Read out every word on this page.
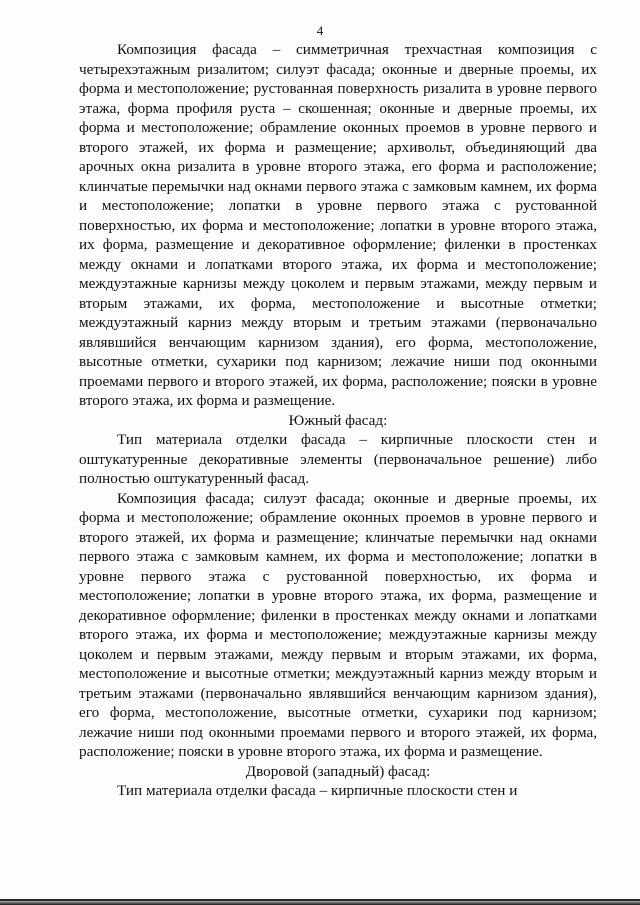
4

Композиция фасада – симметричная трехчастная композиция с четырехэтажным ризалитом; силуэт фасада; оконные и дверные проемы, их форма и местоположение; рустованная поверхность ризалита в уровне первого этажа, форма профиля руста – скошенная; оконные и дверные проемы, их форма и местоположение; обрамление оконных проемов в уровне первого и второго этажей, их форма и размещение; архивольт, объединяющий два арочных окна ризалита в уровне второго этажа, его форма и расположение; клинчатые перемычки над окнами первого этажа с замковым камнем, их форма и местоположение; лопатки в уровне первого этажа с рустованной поверхностью, их форма и местоположение; лопатки в уровне второго этажа, их форма, размещение и декоративное оформление; филенки в простенках между окнами и лопатками второго этажа, их форма и местоположение; междуэтажные карнизы между цоколем и первым этажами, между первым и вторым этажами, их форма, местоположение и высотные отметки; междуэтажный карниз между вторым и третьим этажами (первоначально являвшийся венчающим карнизом здания), его форма, местоположение, высотные отметки, сухарики под карнизом; лежачие ниши под оконными проемами первого и второго этажей, их форма, расположение; пояски в уровне второго этажа, их форма и размещение.

Южный фасад:

Тип материала отделки фасада – кирпичные плоскости стен и оштукатуренные декоративные элементы (первоначальное решение) либо полностью оштукатуренный фасад.

Композиция фасада; силуэт фасада; оконные и дверные проемы, их форма и местоположение; обрамление оконных проемов в уровне первого и второго этажей, их форма и размещение; клинчатые перемычки над окнами первого этажа с замковым камнем, их форма и местоположение; лопатки в уровне первого этажа с рустованной поверхностью, их форма и местоположение; лопатки в уровне второго этажа, их форма, размещение и декоративное оформление; филенки в простенках между окнами и лопатками второго этажа, их форма и местоположение; междуэтажные карнизы между цоколем и первым этажами, между первым и вторым этажами, их форма, местоположение и высотные отметки; междуэтажный карниз между вторым и третьим этажами (первоначально являвшийся венчающим карнизом здания), его форма, местоположение, высотные отметки, сухарики под карнизом; лежачие ниши под оконными проемами первого и второго этажей, их форма, расположение; пояски в уровне второго этажа, их форма и размещение.

Дворовой (западный) фасад:

Тип материала отделки фасада – кирпичные плоскости стен и
